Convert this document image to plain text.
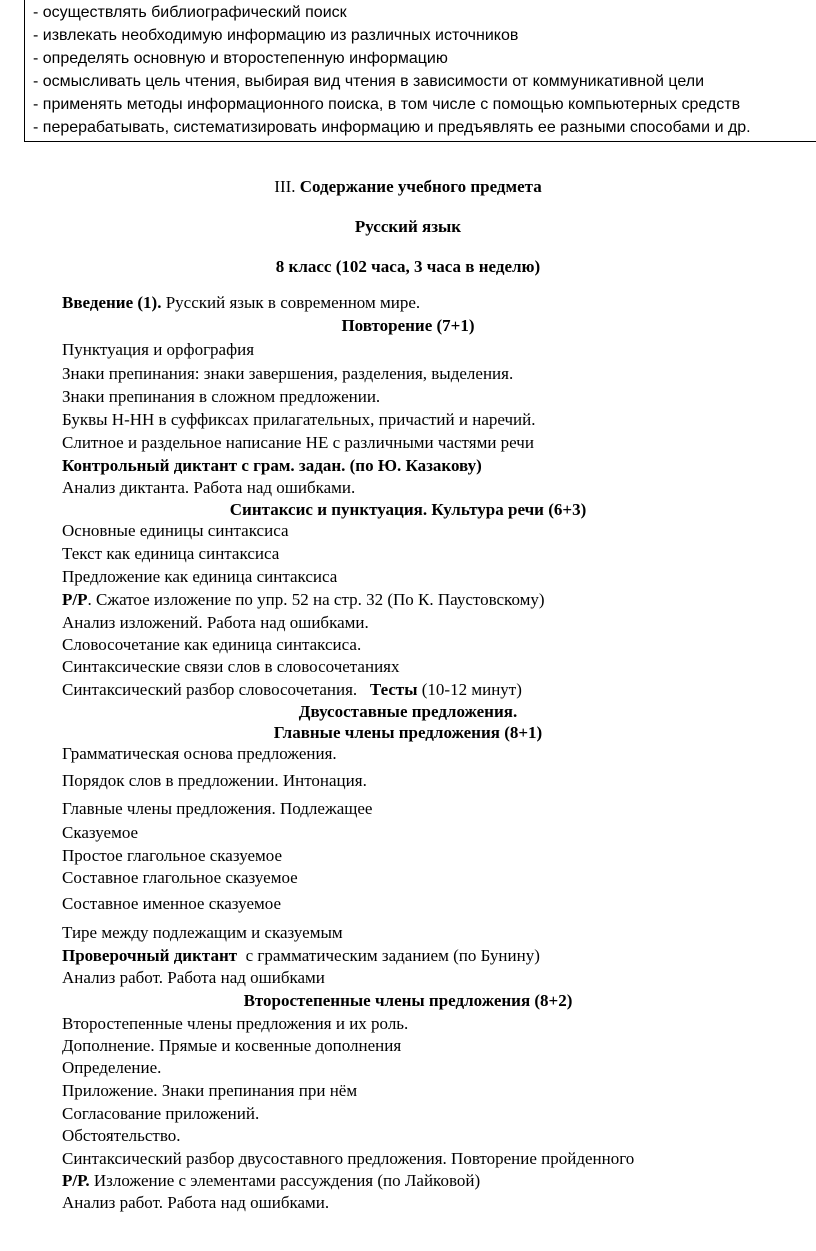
- осуществлять библиографический поиск
- извлекать необходимую информацию из различных источников
- определять основную и второстепенную информацию
- осмысливать цель чтения, выбирая вид чтения в зависимости от коммуникативной цели
- применять методы информационного поиска, в том числе с помощью компьютерных средств
- перерабатывать, систематизировать информацию и предъявлять ее разными способами и др.
III. Содержание учебного предмета
Русский язык
8 класс (102 часа, 3 часа в неделю)
Введение (1). Русский язык в современном мире.
Повторение (7+1)
Пунктуация и орфография
Знаки препинания: знаки завершения, разделения, выделения.
Знаки препинания в сложном предложении.
Буквы Н-НН в суффиксах прилагательных, причастий и наречий.
Слитное и раздельное написание НЕ с различными частями речи
Контрольный диктант с грам. задан. (по Ю. Казакову)
Анализ диктанта. Работа над ошибками.
Синтаксис и пунктуация. Культура речи (6+3)
Основные единицы синтаксиса
Текст как единица синтаксиса
Предложение как единица синтаксиса
Р/Р. Сжатое изложение по упр. 52 на стр. 32 (По К. Паустовскому)
Анализ изложений. Работа над ошибками.
Словосочетание как единица синтаксиса.
Синтаксические связи слов в словосочетаниях
Синтаксический разбор словосочетания.   Тесты (10-12 минут)
Двусоставные предложения.
Главные члены предложения (8+1)
Грамматическая основа предложения.
Порядок слов в предложении. Интонация.
Главные члены предложения. Подлежащее
Сказуемое
Простое глагольное сказуемое
Составное глагольное сказуемое
Составное именное сказуемое
Тире между подлежащим и сказуемым
Проверочный диктант  с грамматическим заданием (по Бунину)
Анализ работ. Работа над ошибками
Второстепенные члены предложения (8+2)
Второстепенные члены предложения и их роль.
Дополнение. Прямые и косвенные дополнения
Определение.
Приложение. Знаки препинания при нём
Согласование приложений.
Обстоятельство.
Синтаксический разбор двусоставного предложения. Повторение пройденного
Р/Р. Изложение с элементами рассуждения (по Лайковой)
Анализ работ. Работа над ошибками.
